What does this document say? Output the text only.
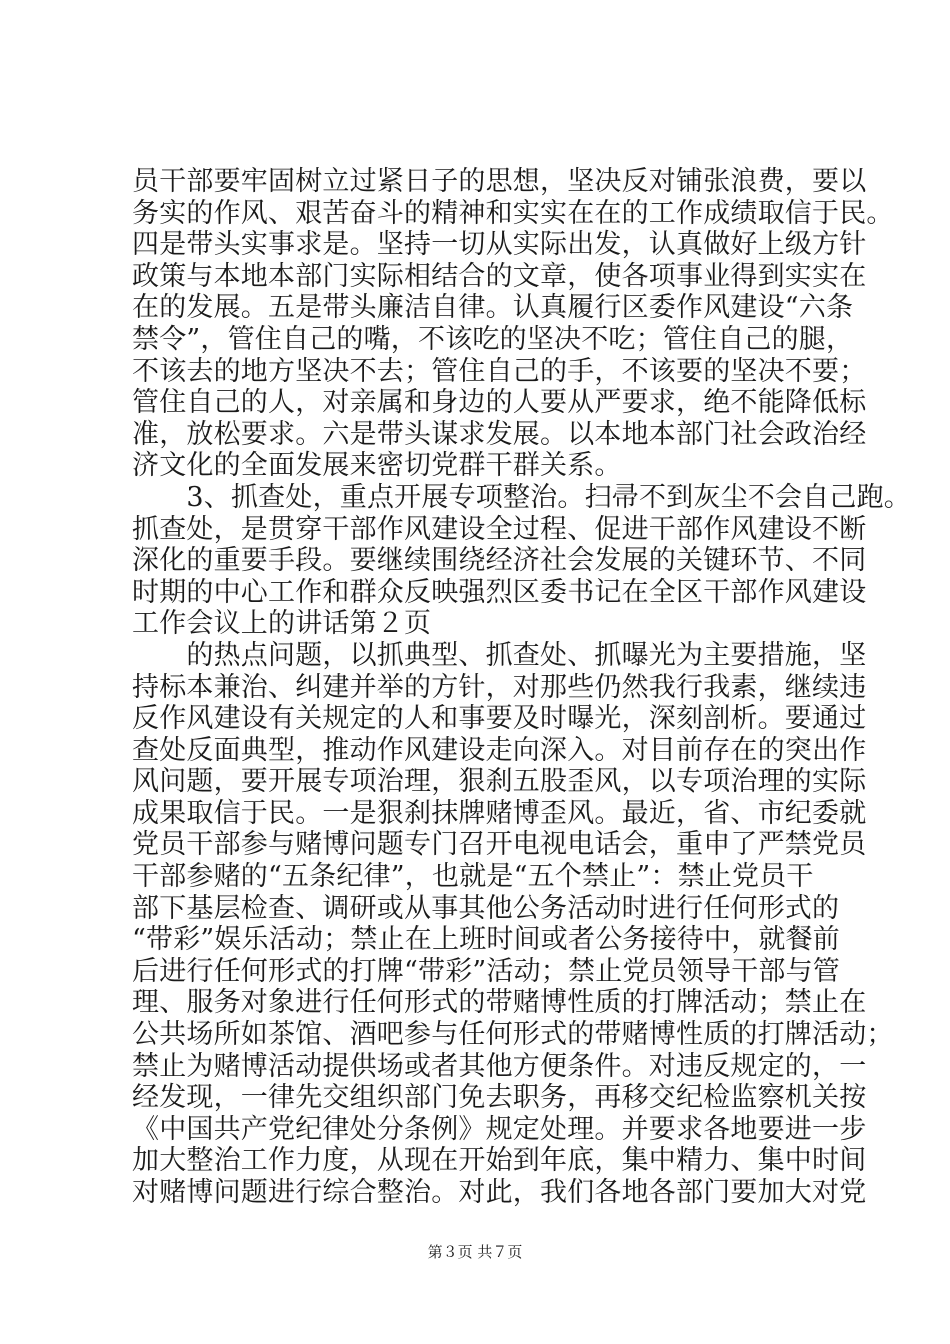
员干部要牢固树立过紧日子的思想，坚决反对铺张浪费，要以
务实的作风、艰苦奋斗的精神和实实在在的工作成绩取信于民。
四是带头实事求是。坚持一切从实际出发，认真做好上级方针
政策与本地本部门实际相结合的文章，使各项事业得到实实在
在的发展。五是带头廉洁自律。认真履行区委作风建设“六条
禁令”，管住自己的嘴，不该吃的坚决不吃；管住自己的腿，
不该去的地方坚决不去；管住自己的手，不该要的坚决不要；
管住自己的人，对亲属和身边的人要从严要求，绝不能降低标
准，放松要求。六是带头谋求发展。以本地本部门社会政治经
济文化的全面发展来密切党群干群关系。
　　3、抓查处，重点开展专项整治。扫帚不到灰尘不会自己跑。
抓查处，是贯穿干部作风建设全过程、促进干部作风建设不断
深化的重要手段。要继续围绕经济社会发展的关键环节、不同
时期的中心工作和群众反映强烈区委书记在全区干部作风建设
工作会议上的讲话第２页
　　的热点问题，以抓典型、抓查处、抓曝光为主要措施，坚
持标本兼治、纠建并举的方针，对那些仍然我行我素，继续违
反作风建设有关规定的人和事要及时曝光，深刻剖析。要通过
查处反面典型，推动作风建设走向深入。对目前存在的突出作
风问题，要开展专项治理，狠刹五股歪风，以专项治理的实际
成果取信于民。一是狠刹抹牌赌博歪风。最近，省、市纪委就
党员干部参与赌博问题专门召开电视电话会，重申了严禁党员
干部参赌的“五条纪律”，也就是“五个禁止”：禁止党员干
部下基层检查、调研或从事其他公务活动时进行任何形式的
“带彩”娱乐活动；禁止在上班时间或者公务接待中，就餐前
后进行任何形式的打牌“带彩”活动；禁止党员领导干部与管
理、服务对象进行任何形式的带赌博性质的打牌活动；禁止在
公共场所如茶馆、酒吧参与任何形式的带赌博性质的打牌活动；
禁止为赌博活动提供场或者其他方便条件。对违反规定的，一
经发现，一律先交组织部门免去职务，再移交纪检监察机关按
《中国共产党纪律处分条例》规定处理。并要求各地要进一步
加大整治工作力度，从现在开始到年底，集中精力、集中时间
对赌博问题进行综合整治。对此，我们各地各部门要加大对党
第３页 共７页
